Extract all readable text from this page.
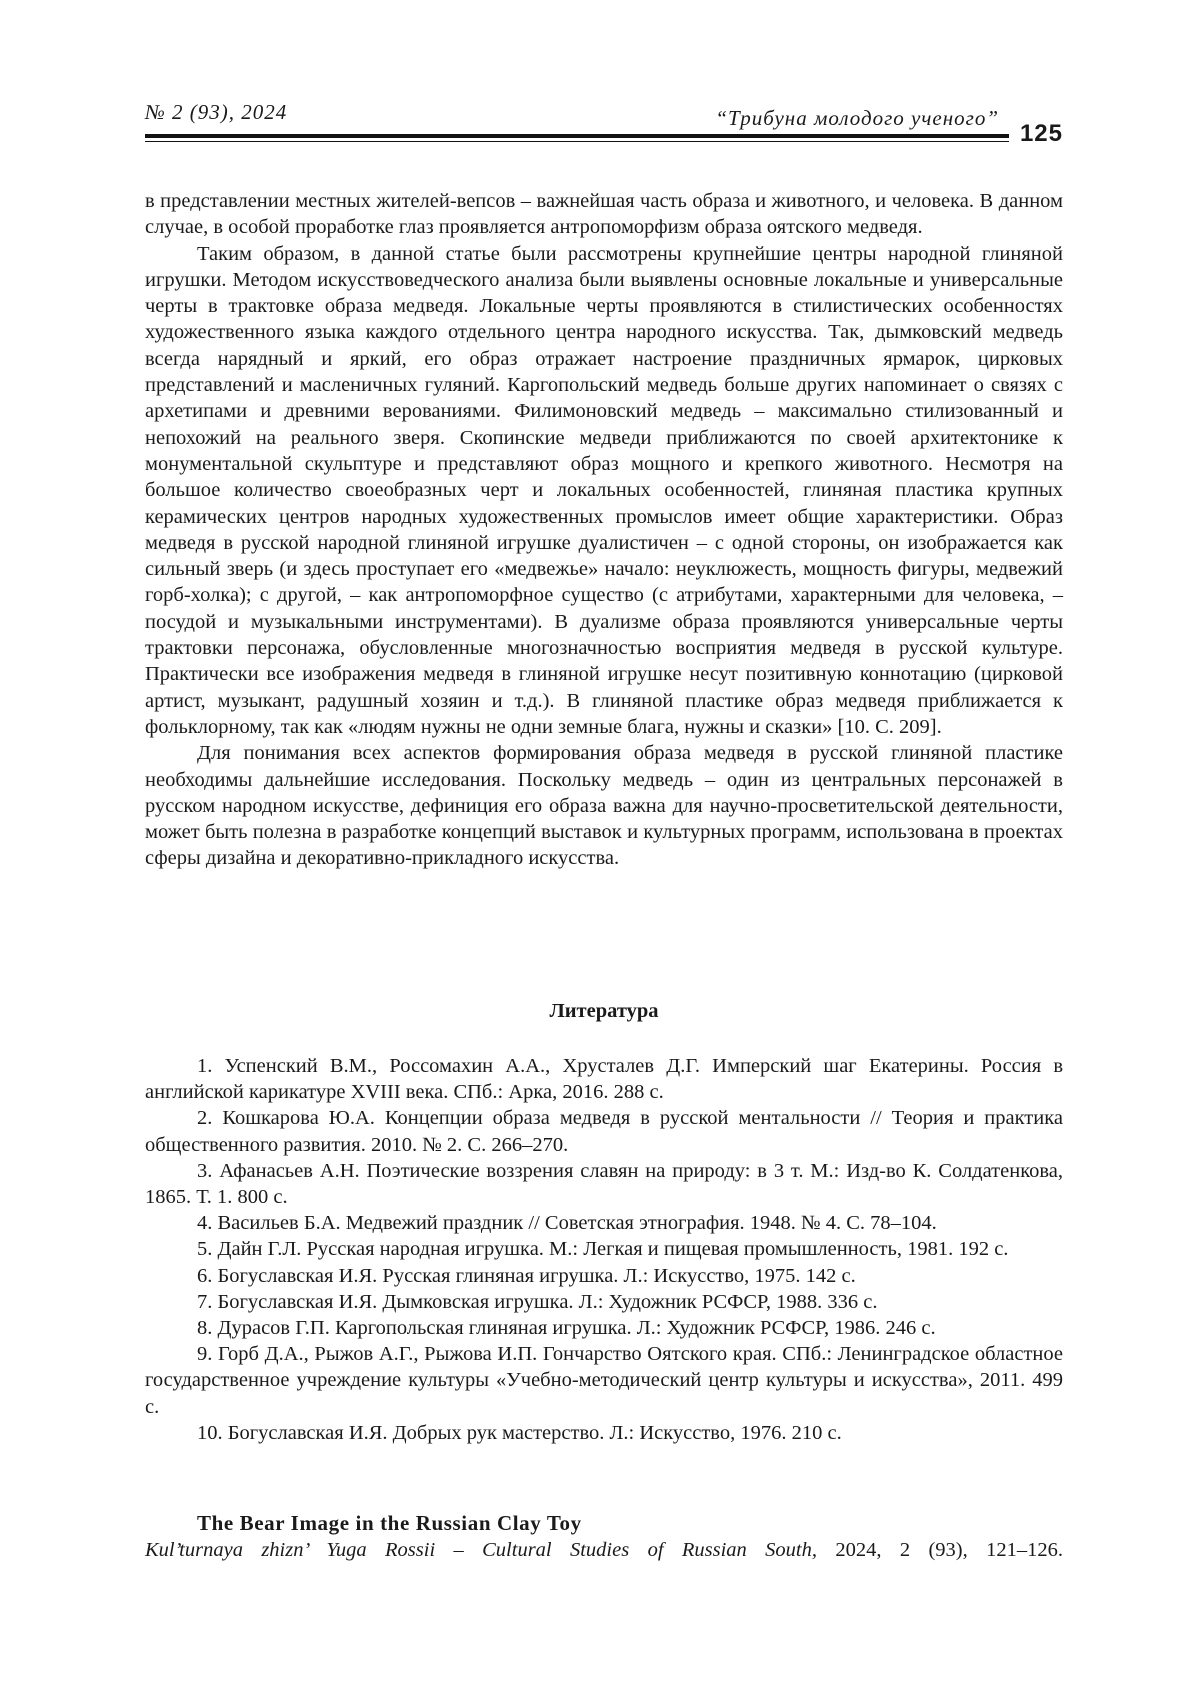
№ 2 (93), 2024	“Трибуна молодого ученого”
125

в представлении местных жителей-вепсов – важнейшая часть образа и животного, и человека. В данном случае, в особой проработке глаз проявляется антропоморфизм образа оятского медведя.

Таким образом, в данной статье были рассмотрены крупнейшие центры народной глиняной игрушки. Методом искусствоведческого анализа были выявлены основные локальные и универсальные черты в трактовке образа медведя. Локальные черты проявляются в стилистических особенностях художественного языка каждого отдельного центра народного искусства. Так, дымковский медведь всегда нарядный и яркий, его образ отражает настроение праздничных ярмарок, цирковых представлений и масленичных гуляний. Каргопольский медведь больше других напоминает о связях с архетипами и древними верованиями. Филимоновский медведь – максимально стилизованный и непохожий на реального зверя. Скопинские медведи приближаются по своей архитектонике к монументальной скульптуре и представляют образ мощного и крепкого животного. Несмотря на большое количество своеобразных черт и локальных особенностей, глиняная пластика крупных керамических центров народных художественных промыслов имеет общие характеристики. Образ медведя в русской народной глиняной игрушке дуалистичен – с одной стороны, он изображается как сильный зверь (и здесь проступает его «медвежье» начало: неуклюжесть, мощность фигуры, медвежий горб-холка); с другой, – как антропоморфное существо (с атрибутами, характерными для человека, – посудой и музыкальными инструментами). В дуализме образа проявляются универсальные черты трактовки персонажа, обусловленные многозначностью восприятия медведя в русской культуре. Практически все изображения медведя в глиняной игрушке несут позитивную коннотацию (цирковой артист, музыкант, радушный хозяин и т.д.). В глиняной пластике образ медведя приближается к фольклорному, так как «людям нужны не одни земные блага, нужны и сказки» [10. С. 209].

Для понимания всех аспектов формирования образа медведя в русской глиняной пластике необходимы дальнейшие исследования. Поскольку медведь – один из центральных персонажей в русском народном искусстве, дефиниция его образа важна для научно-просветительской деятельности, может быть полезна в разработке концепций выставок и культурных программ, использована в проектах сферы дизайна и декоративно-прикладного искусства.

Литература

1. Успенский В.М., Россомахин А.А., Хрусталев Д.Г. Имперский шаг Екатерины. Россия в английской карикатуре XVIII века. СПб.: Арка, 2016. 288 с.

2. Кошкарова Ю.А. Концепции образа медведя в русской ментальности // Теория и практика общественного развития. 2010. № 2. С. 266–270.

3. Афанасьев А.Н. Поэтические воззрения славян на природу: в 3 т. М.: Изд-во К. Солдатенкова, 1865. Т. 1. 800 с.

4. Васильев Б.А. Медвежий праздник // Советская этнография. 1948. № 4. С. 78–104.

5. Дайн Г.Л. Русская народная игрушка. М.: Легкая и пищевая промышленность, 1981. 192 с.

6. Богуславская И.Я. Русская глиняная игрушка. Л.: Искусство, 1975. 142 с.

7. Богуславская И.Я. Дымковская игрушка. Л.: Художник РСФСР, 1988. 336 с.

8. Дурасов Г.П. Каргопольская глиняная игрушка. Л.: Художник РСФСР, 1986. 246 с.

9. Горб Д.А., Рыжов А.Г., Рыжова И.П. Гончарство Оятского края. СПб.: Ленинградское областное государственное учреждение культуры «Учебно-методический центр культуры и искусства», 2011. 499 с.

10. Богуславская И.Я. Добрых рук мастерство. Л.: Искусство, 1976. 210 с.

The Bear Image in the Russian Clay Toy
Kul’turnaya zhizn’ Yuga Rossii – Cultural Studies of Russian South, 2024, 2 (93), 121–126.
